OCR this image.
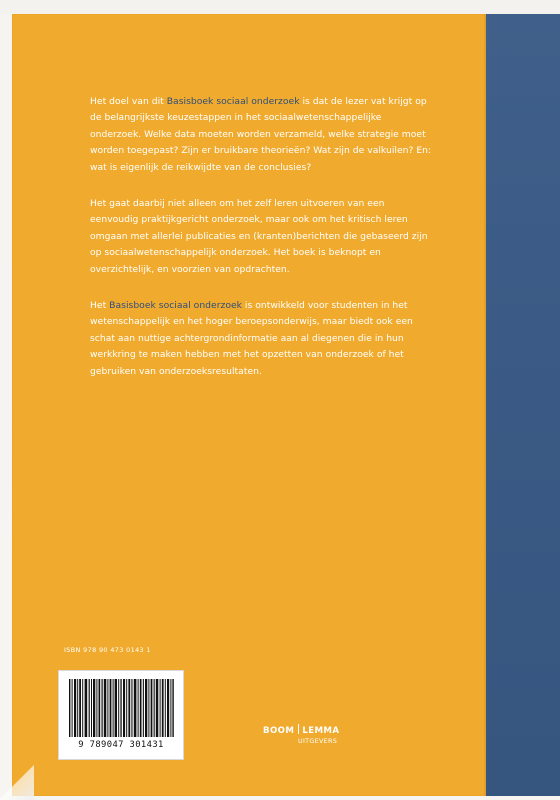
Het doel van dit Basisboek sociaal onderzoek is dat de lezer vat krijgt op de belangrijkste keuzestappen in het sociaalwetenschappelijke onderzoek. Welke data moeten worden verzameld, welke strategie moet worden toegepast? Zijn er bruikbare theorieën? Wat zijn de valkuilen? En: wat is eigenlijk de reikwijdte van de conclusies?
Het gaat daarbij niet alleen om het zelf leren uitvoeren van een eenvoudig praktijkgericht onderzoek, maar ook om het kritisch leren omgaan met allerlei publicaties en (kranten)berichten die gebaseerd zijn op sociaalwetenschappelijk onderzoek. Het boek is beknopt en overzichtelijk, en voorzien van opdrachten.
Het Basisboek sociaal onderzoek is ontwikkeld voor studenten in het wetenschappelijk en het hoger beroepsonderwijs, maar biedt ook een schat aan nuttige achtergrondinformatie aan al diegenen die in hun werkkring te maken hebben met het opzetten van onderzoek of het gebruiken van onderzoeksresultaten.
ISBN 978 90 473 0143 1
9 789047 301431
BOOM LEMMA
UITGEVERS
